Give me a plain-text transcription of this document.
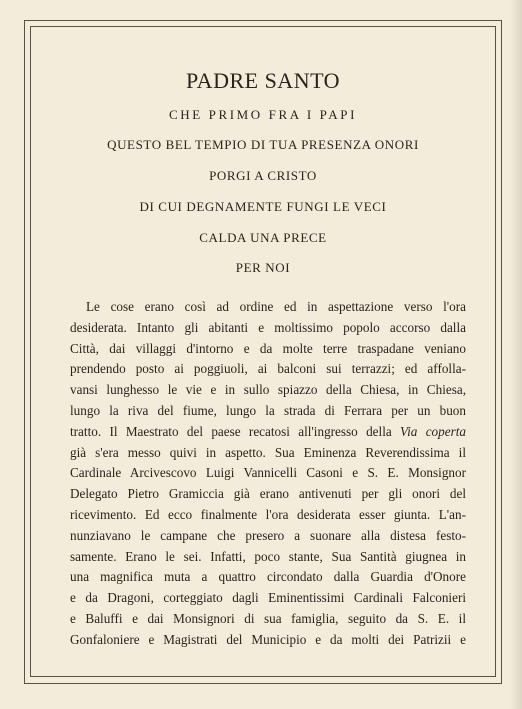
PADRE SANTO
CHE PRIMO FRA I PAPI
QUESTO BEL TEMPIO DI TUA PRESENZA ONORI
PORGI A CRISTO
DI CUI DEGNAMENTE FUNGI LE VECI
CALDA UNA PRECE
PER NOI
Le cose erano così ad ordine ed in aspettazione verso l'ora
desiderata. Intanto gli abitanti e moltissimo popolo accorso dalla
Città, dai villaggi d'intorno e da molte terre traspadane veniano
prendendo posto ai poggiuoli, ai balconi sui terrazzi; ed affolla-
vansi lunghesso le vie e in sullo spiazzo della Chiesa, in Chiesa,
lungo la riva del fiume, lungo la strada di Ferrara per un buon
tratto. Il Maestrato del paese recatosi all'ingresso della Via coperta
già s'era messo quivi in aspetto. Sua Eminenza Reverendissima il
Cardinale Arcivescovo Luigi Vannicelli Casoni e S. E. Monsignor
Delegato Pietro Gramiccia già erano antivenuti per gli onori del
ricevimento. Ed ecco finalmente l'ora desiderata esser giunta. L'an-
nunziavano le campane che presero a suonare alla distesa festo-
samente. Erano le sei. Infatti, poco stante, Sua Santità giugnea in
una magnifica muta a quattro circondato dalla Guardia d'Onore
e da Dragoni, corteggiato dagli Eminentissimi Cardinali Falconieri
e Baluffi e dai Monsignori di sua famiglia, seguito da S. E. il
Gonfaloniere e Magistrati del Municipio e da molti dei Patrizii e
